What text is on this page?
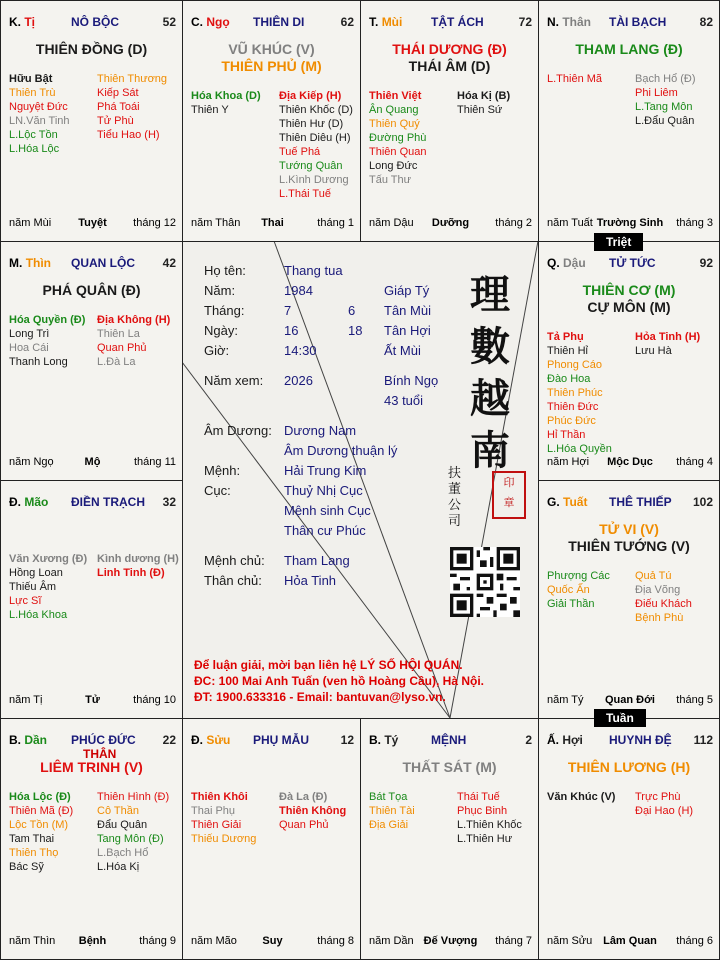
K. Tị	NÔ BỘC	52
THIÊN ĐỒNG (D)
Hữu Bật
Thiên Trù
Nguyệt Đức
LN.Văn Tinh
L.Lộc Tồn
L.Hóa Lộc
Thiên Thương
Kiếp Sát
Phá Toái
Tử Phù
Tiểu Hao (H)
năm Mùi	Tuyệt	tháng 12
C. Ngọ THIÊN DI	62
VŨ KHÚC (V)
THIÊN PHỦ (M)
Hóa Khoa (D)
Thiên Y
Địa Kiếp (H)
Thiên Khốc (D)
Thiên Hư (D)
Thiên Diêu (H)
Tuế Phá
Tướng Quân
L.Kình Dương
L.Thái Tuế
năm Thân	Thai	tháng 1
T. Mùi TẬT ÁCH	72
THÁI DƯƠNG (Đ)
THÁI ÂM (D)
Thiên Việt
Ân Quang
Thiên Quý
Đường Phù
Thiên Quan
Long Đức
Tấu Thư
Hóa Kị (B)
Thiên Sứ
năm Dậu	Dưỡng	tháng 2
N. Thân TÀI BẠCH	82
THAM LANG (Đ)
L.Thiên Mã	Bạch Hổ (Đ)
Phi Liêm
L.Tang Môn
L.Đẩu Quân
năm Tuất Trường Sinh	tháng 3
M. Thìn QUAN LỘC 42
PHÁ QUÂN (Đ)
Hóa Quyền (Đ)
Long Trì
Hoa Cái
Thanh Long
Địa Không (H)
Thiên La
Quan Phủ
L.Đà La
năm Ngọ	Mộ	tháng 11
Q. Dậu TỬ TỨC	92
THIÊN CƠ (M)
CỰ MÔN (M)
Tả Phụ
Thiên Hỉ
Phong Cáo
Đào Hoa
Thiên Phúc
Thiên Đức
Phúc Đức
Hỉ Thần
L.Hóa Quyền
Hỏa Tinh (H)
Lưu Hà
năm Hợi	Mộc Dục	tháng 4
Đ. Mão ĐIỀN TRẠCH 32
Văn Xương (Đ)
Hồng Loan
Thiếu Âm
Lực Sĩ
L.Hóa Khoa
Kình dương (H)
Linh Tinh (Đ)
năm Tị	Tử	tháng 10
G. Tuất THÊ THIẾP 102
TỬ VI (V)
THIÊN TƯỚNG (V)
Phượng Các
Quốc Ấn
Giải Thần
Quả Tú
Địa Võng
Điếu Khách
Bệnh Phù
năm Tý	Quan Đới	tháng 5
B. Dần PHÚC ĐỨC THÂN
22
LIÊM TRINH (V)
Hóa Lộc (Đ)
Thiên Mã (Đ)
Lộc Tồn (M)
Tam Thai
Thiên Thọ
Bác Sỹ
Thiên Hình (Đ)
Cô Thần
Đẩu Quân
Tang Môn (Đ)
L.Bạch Hổ
L.Hóa Kị
năm Thìn	Bệnh	tháng 9
Đ. Sửu PHỤ MẪU	12
Thiên Khôi
Thai Phụ
Thiên Giải
Thiếu Dương
Đà La (Đ)
Thiên Không
Quan Phủ
năm Mão	Suy	tháng 8
B. Tý	MỆNH	2
THẤT SÁT (M)
Bát Tọa
Thiên Tài
Địa Giải
Thái Tuế
Phục Binh
L.Thiên Khốc
L.Thiên Hư
năm Dần Đế Vượng	tháng 7
Ấ. Hợi HUYNH ĐỆ 112
THIÊN LƯƠNG (H)
Văn Khúc (V) Trực Phù
Đại Hao (H)
năm Sửu Lâm Quan	tháng 6
Triệt
Tuần
Họ tên:	Thang tua
Năm:	1984	Giáp Tý
Tháng:	7	6 Tân Mùi
Ngày:	16	18 Tân Hợi
Giờ:	14:30	Ất Mùi
Năm xem: 2026	Bính Ngọ
43 tuổi
Âm Dương: Dương Nam
Âm Dương thuận lý
Mệnh:	Hải Trung Kim
Cục:	Thuỷ Nhị Cục
Mệnh sinh Cục
Thân cư Phúc
Mệnh chủ: Tham Lang
Thân chủ: Hỏa Tinh
理
數
越
南
扶
董
公
司
印
章
Để luận giải, mời bạn liên hệ LÝ SỐ HỘI QUÁN.
ĐC: 100 Mai Anh Tuấn (ven hồ Hoàng Cầu), Hà Nội.
ĐT: 1900.633316 - Email: bantuvan@lyso.vn.
